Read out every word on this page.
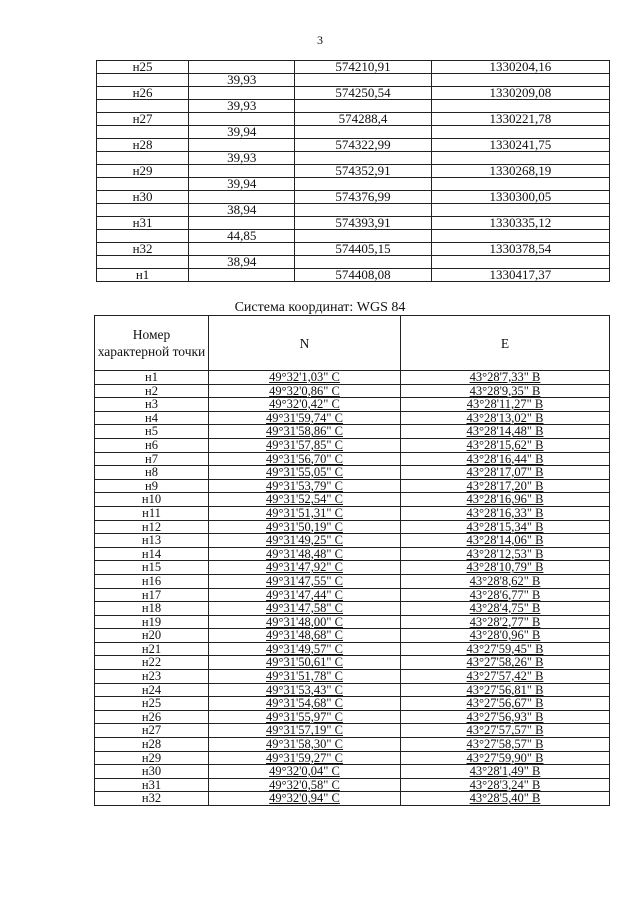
3
н25		574210,91	1330204,16
	39,93		
н26		574250,54	1330209,08
	39,93		
н27		574288,4	1330221,78
	39,94		
н28		574322,99	1330241,75
	39,93		
н29		574352,91	1330268,19
	39,94		
н30		574376,99	1330300,05
	38,94		
н31		574393,91	1330335,12
	44,85		
н32		574405,15	1330378,54
	38,94		
н1		574408,08	1330417,37
Система координат: WGS 84
Номер характерной точки	N	E
н1	49°32'1,03" С	43°28'7,33" В
н2	49°32'0,86" С	43°28'9,35" В
н3	49°32'0,42" С	43°28'11,27" В
н4	49°31'59,74" С	43°28'13,02" В
н5	49°31'58,86" С	43°28'14,48" В
н6	49°31'57,85" С	43°28'15,62" В
н7	49°31'56,70" С	43°28'16,44" В
н8	49°31'55,05" С	43°28'17,07" В
н9	49°31'53,79" С	43°28'17,20" В
н10	49°31'52,54" С	43°28'16,96" В
н11	49°31'51,31" С	43°28'16,33" В
н12	49°31'50,19" С	43°28'15,34" В
н13	49°31'49,25" С	43°28'14,06" В
н14	49°31'48,48" С	43°28'12,53" В
н15	49°31'47,92" С	43°28'10,79" В
н16	49°31'47,55" С	43°28'8,62" В
н17	49°31'47,44" С	43°28'6,77" В
н18	49°31'47,58" С	43°28'4,75" В
н19	49°31'48,00" С	43°28'2,77" В
н20	49°31'48,68" С	43°28'0,96" В
н21	49°31'49,57" С	43°27'59,45" В
н22	49°31'50,61" С	43°27'58,26" В
н23	49°31'51,78" С	43°27'57,42" В
н24	49°31'53,43" С	43°27'56,81" В
н25	49°31'54,68" С	43°27'56,67" В
н26	49°31'55,97" С	43°27'56,93" В
н27	49°31'57,19" С	43°27'57,57" В
н28	49°31'58,30" С	43°27'58,57" В
н29	49°31'59,27" С	43°27'59,90" В
н30	49°32'0,04" С	43°28'1,49" В
н31	49°32'0,58" С	43°28'3,24" В
н32	49°32'0,94" С	43°28'5,40" В
